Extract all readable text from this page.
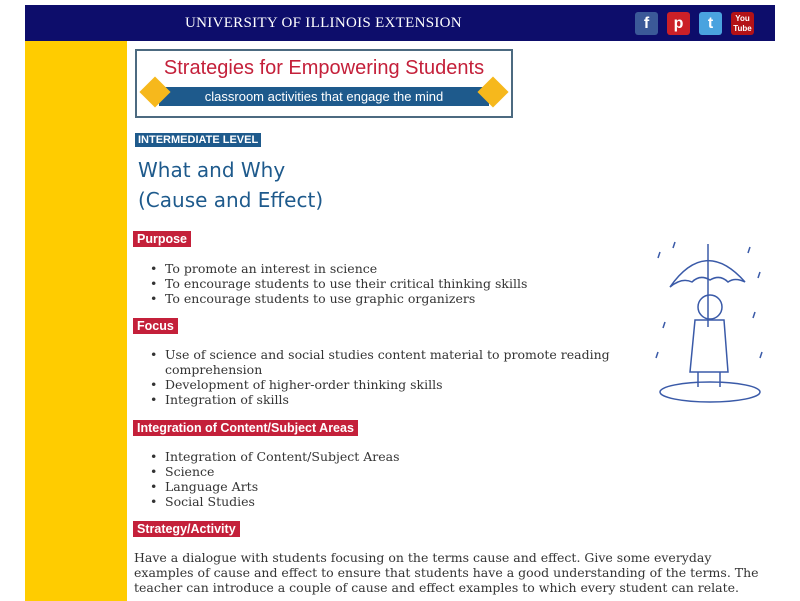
UNIVERSITY OF ILLINOIS EXTENSION	f	p	t	You Tube
Strategies for Empowering Students
classroom activities that engage the mind
INTERMEDIATE LEVEL
What and Why
(Cause and Effect)
Purpose
• To promote an interest in science
• To encourage students to use their critical thinking skills
• To encourage students to use graphic organizers
Focus
• Use of science and social studies content material to promote reading comprehension
• Development of higher-order thinking skills
• Integration of skills
Integration of Content/Subject Areas
• Integration of Content/Subject Areas
• Science
• Language Arts
• Social Studies
Strategy/Activity
Have a dialogue with students focusing on the terms cause and effect. Give some everyday examples of cause and effect to ensure that students have a good understanding of the terms. The teacher can introduce a couple of cause and effect examples to which every student can relate.
